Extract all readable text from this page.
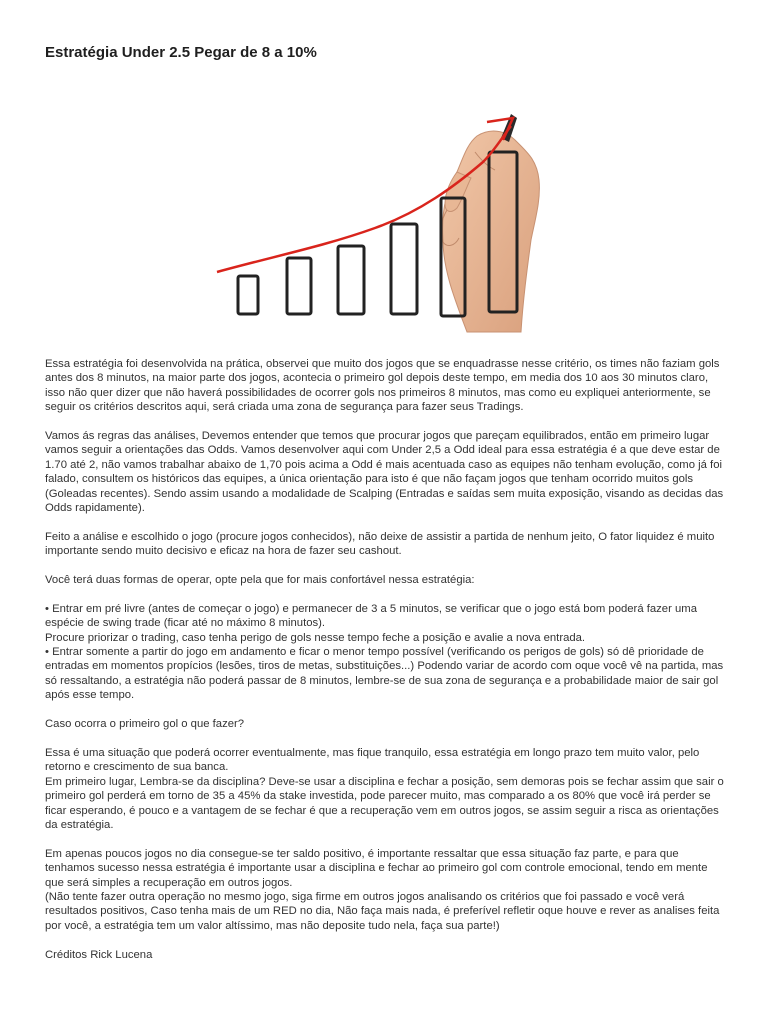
Estratégia Under 2.5 Pegar de 8 a 10%

Essa estratégia foi desenvolvida na prática, observei que muito dos jogos que se enquadrasse nesse critério, os times não faziam gols antes dos 8 minutos, na maior parte dos jogos, acontecia o primeiro gol depois deste tempo, em media dos 10 aos 30 minutos claro, isso não quer dizer que não haverá possibilidades de ocorrer gols nos primeiros 8 minutos, mas como eu expliquei anteriormente, se seguir os critérios descritos aqui, será criada uma zona de segurança para fazer seus Tradings.

Vamos ás regras das análises, Devemos entender que temos que procurar jogos que pareçam equilibrados, então em primeiro lugar vamos seguir a orientações das Odds. Vamos desenvolver aqui com Under 2,5 a Odd ideal para essa estratégia é a que deve estar de 1.70 até 2, não vamos trabalhar abaixo de 1,70 pois acima a Odd é mais acentuada caso as equipes não tenham evolução, como já foi falado, consultem os históricos das equipes, a única orientação para isto é que não façam jogos que tenham ocorrido muitos gols (Goleadas recentes). Sendo assim usando a modalidade de Scalping (Entradas e saídas sem muita exposição, visando as decidas das Odds rapidamente).

Feito a análise e escolhido o jogo (procure jogos conhecidos), não deixe de assistir a partida de nenhum jeito, O fator liquidez é muito importante sendo muito decisivo e eficaz na hora de fazer seu cashout.

Você terá duas formas de operar, opte pela que for mais confortável nessa estratégia:

• Entrar em pré livre (antes de começar o jogo) e permanecer de 3 a 5 minutos, se verificar que o jogo está bom poderá fazer uma espécie de swing trade (ficar até no máximo 8 minutos).
Procure priorizar o trading, caso tenha perigo de gols nesse tempo feche a posição e avalie a nova entrada.
• Entrar somente a partir do jogo em andamento e ficar o menor tempo possível (verificando os perigos de gols) só dê prioridade de entradas em momentos propícios (lesões, tiros de metas, substituições...) Podendo variar de acordo com oque você vê na partida, mas só ressaltando, a estratégia não poderá passar de 8 minutos, lembre-se de sua zona de segurança e a probabilidade maior de sair gol após esse tempo.

Caso ocorra o primeiro gol o que fazer?

Essa é uma situação que poderá ocorrer eventualmente, mas fique tranquilo, essa estratégia em longo prazo tem muito valor, pelo retorno e crescimento de sua banca.
Em primeiro lugar, Lembra-se da disciplina? Deve-se usar a disciplina e fechar a posição, sem demoras pois se fechar assim que sair o primeiro gol perderá em torno de 35 a 45% da stake investida, pode parecer muito, mas comparado a os 80% que você irá perder se ficar esperando, é pouco e a vantagem de se fechar é que a recuperação vem em outros jogos, se assim seguir a risca as orientações da estratégia.

Em apenas poucos jogos no dia consegue-se ter saldo positivo, é importante ressaltar que essa situação faz parte, e para que tenhamos sucesso nessa estratégia é importante usar a disciplina e fechar ao primeiro gol com controle emocional, tendo em mente que será simples a recuperação em outros jogos.
(Não tente fazer outra operação no mesmo jogo, siga firme em outros jogos analisando os critérios que foi passado e você verá resultados positivos, Caso tenha mais de um RED no dia, Não faça mais nada, é preferível refletir oque houve e rever as analises feita por você, a estratégia tem um valor altíssimo, mas não deposite tudo nela, faça sua parte!)

Créditos Rick Lucena
